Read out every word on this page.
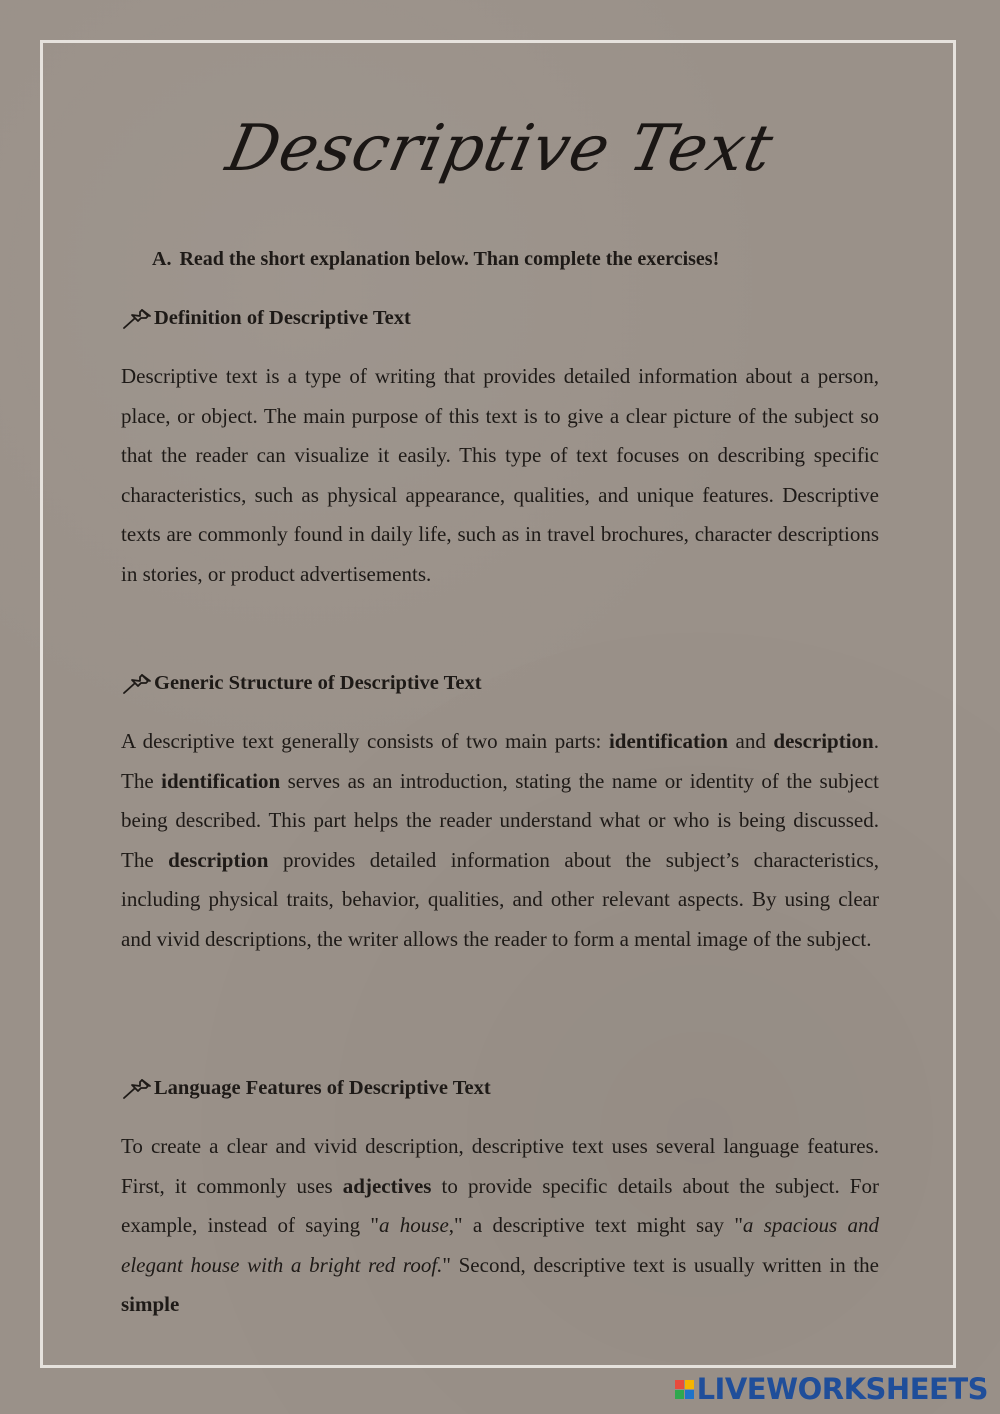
Descriptive Text
A. Read the short explanation below. Than complete the exercises!
Definition of Descriptive Text

Descriptive text is a type of writing that provides detailed information about a person, place, or object. The main purpose of this text is to give a clear picture of the subject so that the reader can visualize it easily. This type of text focuses on describing specific characteristics, such as physical appearance, qualities, and unique features. Descriptive texts are commonly found in daily life, such as in travel brochures, character descriptions in stories, or product advertisements.

Generic Structure of Descriptive Text

A descriptive text generally consists of two main parts: identification and description. The identification serves as an introduction, stating the name or identity of the subject being described. This part helps the reader understand what or who is being discussed. The description provides detailed information about the subject’s characteristics, including physical traits, behavior, qualities, and other relevant aspects. By using clear and vivid descriptions, the writer allows the reader to form a mental image of the subject.

Language Features of Descriptive Text

To create a clear and vivid description, descriptive text uses several language features. First, it commonly uses adjectives to provide specific details about the subject. For example, instead of saying "a house," a descriptive text might say "a spacious and elegant house with a bright red roof." Second, descriptive text is usually written in the simple

LIVEWORKSHEETS
